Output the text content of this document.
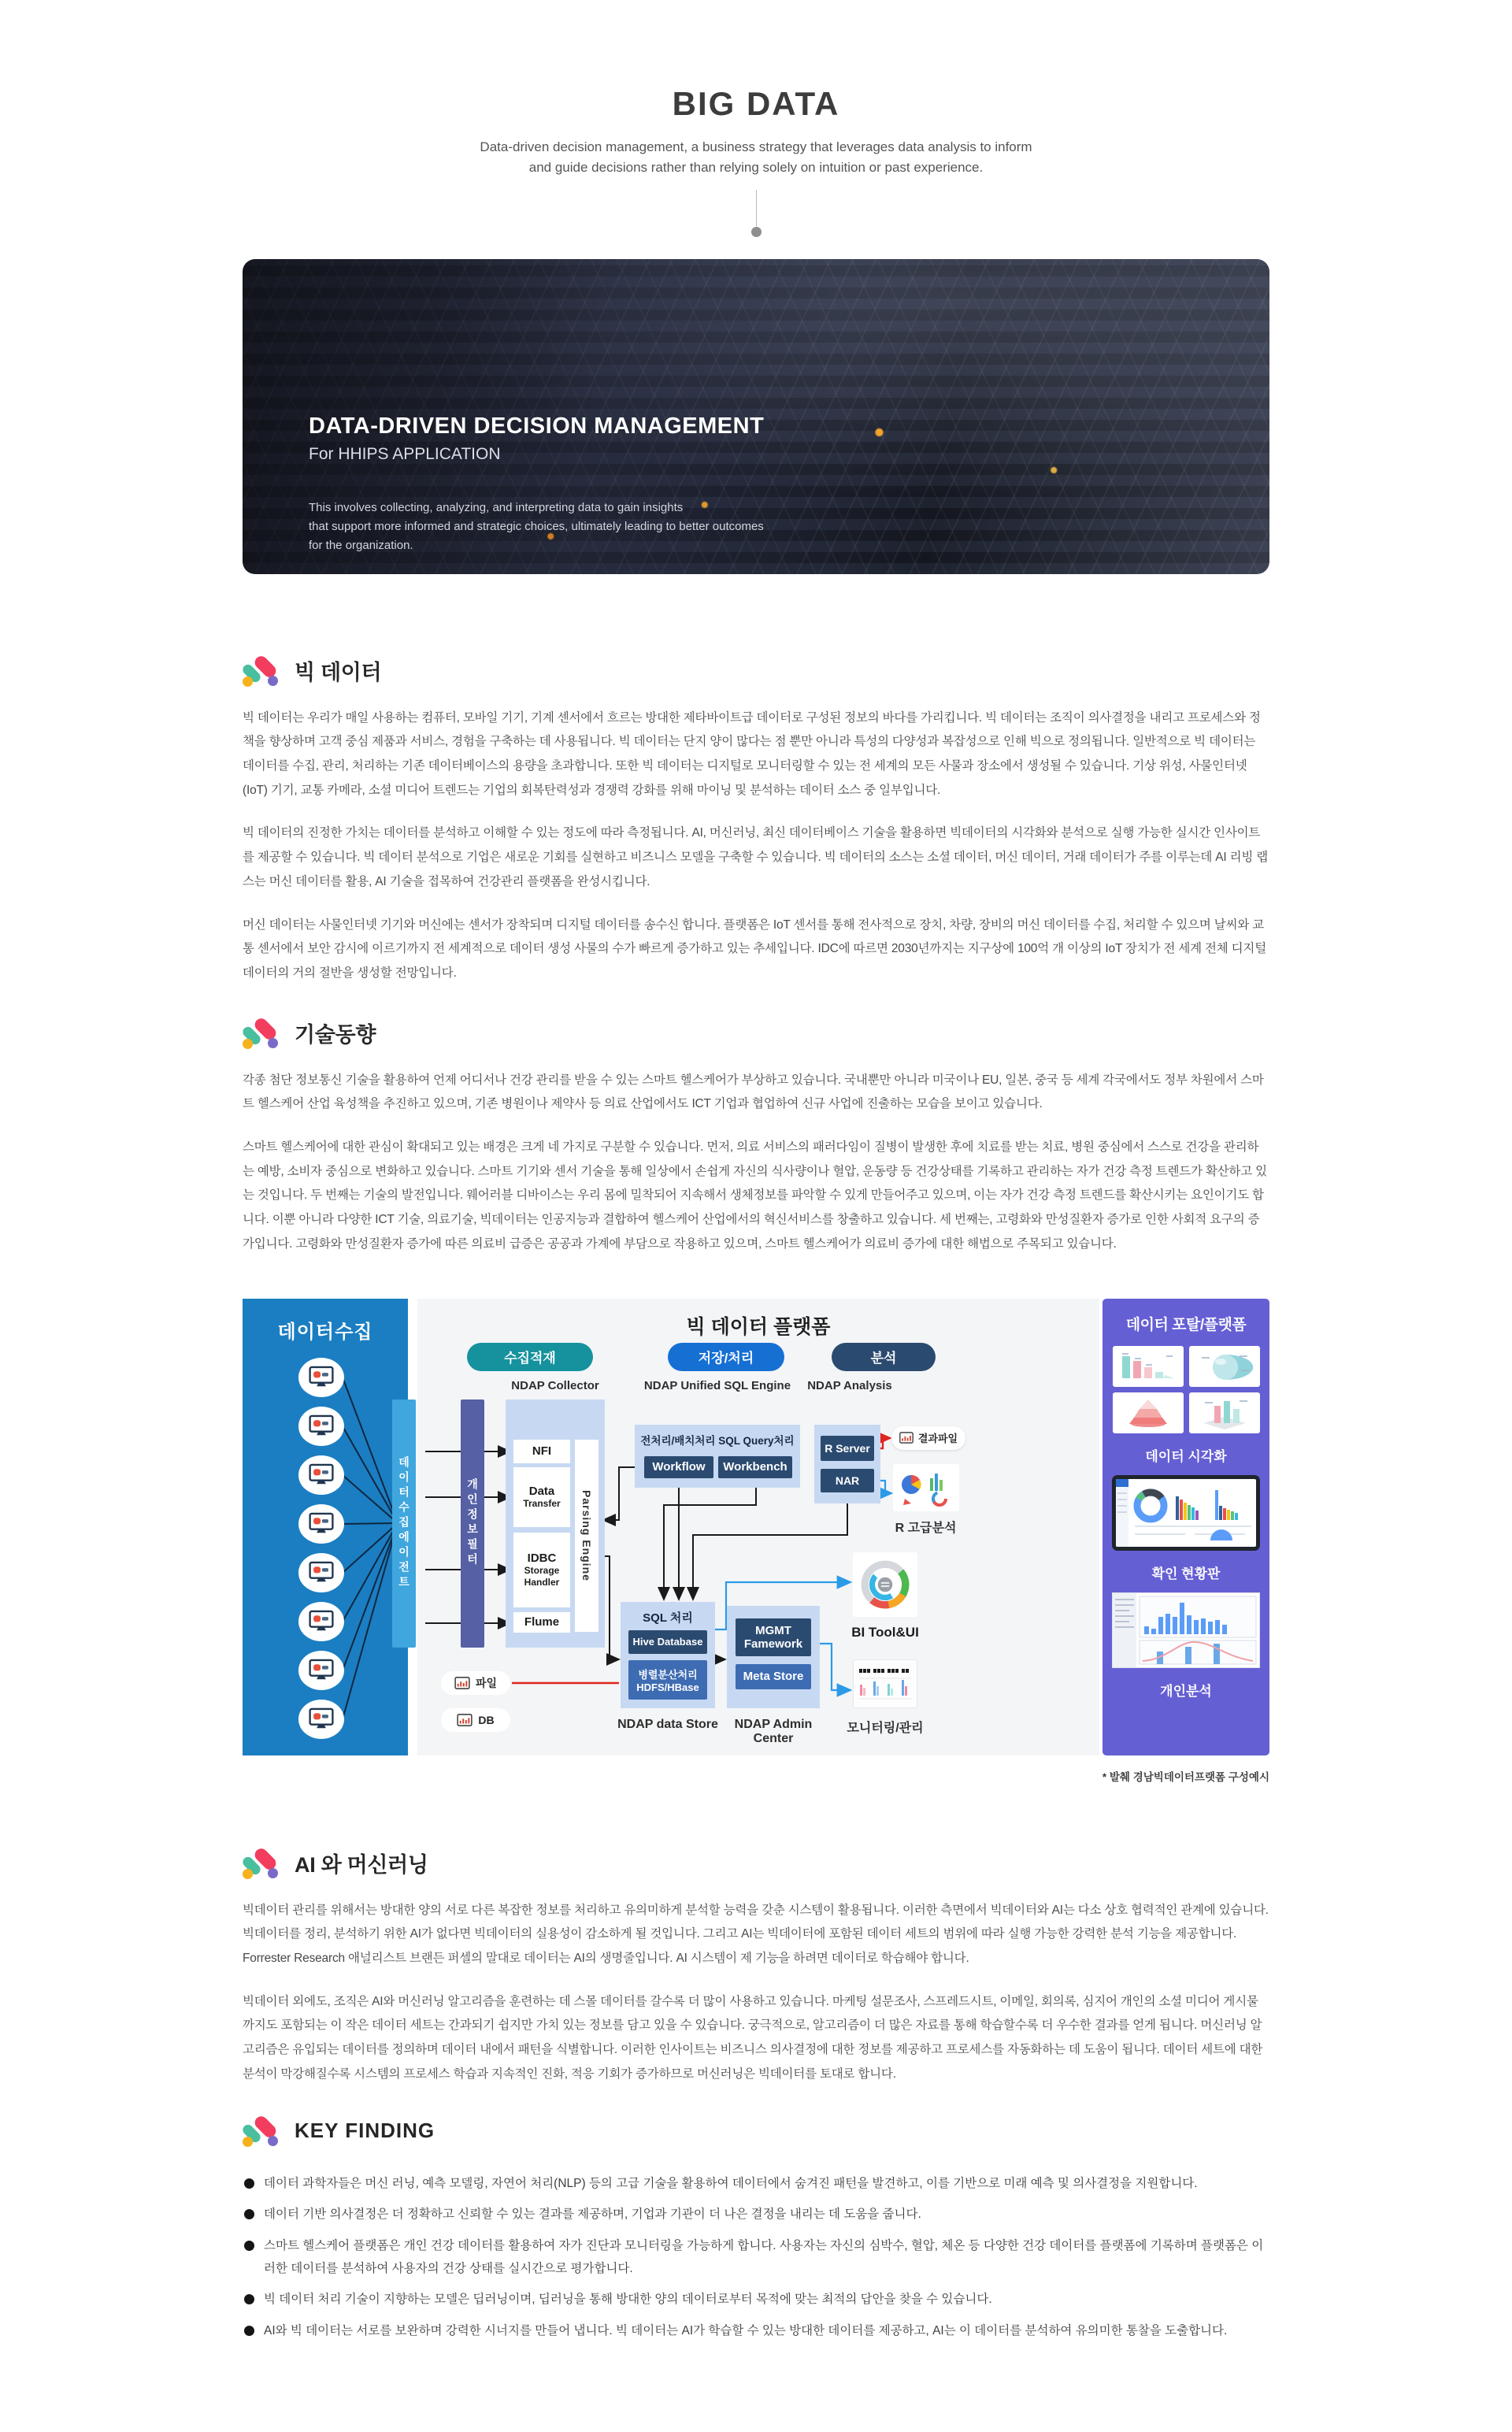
BIG DATA
Data-driven decision management, a business strategy that leverages data analysis to inform
and guide decisions rather than relying solely on intuition or past experience.
DATA-DRIVEN DECISION MANAGEMENT
For HHIPS APPLICATION
This involves collecting, analyzing, and interpreting data to gain insights
that support more informed and strategic choices, ultimately leading to better outcomes
for the organization.
빅 데이터

빅 데이터는 우리가 매일 사용하는 컴퓨터, 모바일 기기, 기계 센서에서 흐르는 방대한 제타바이트급 데이터로 구성된 정보의 바다를 가리킵니다. 빅 데이터는 조직이 의사결정을 내리고 프로세스와 정책을 향상하며 고객 중심 제품과 서비스, 경험을 구축하는 데 사용됩니다. 빅 데이터는 단지 양이 많다는 점 뿐만 아니라 특성의 다양성과 복잡성으로 인해 빅으로 정의됩니다. 일반적으로 빅 데이터는 데이터를 수집, 관리, 처리하는 기존 데이터베이스의 용량을 초과합니다. 또한 빅 데이터는 디지털로 모니터링할 수 있는 전 세계의 모든 사물과 장소에서 생성될 수 있습니다. 기상 위성, 사물인터넷(IoT) 기기, 교통 카메라, 소셜 미디어 트렌드는 기업의 회복탄력성과 경쟁력 강화를 위해 마이닝 및 분석하는 데이터 소스 중 일부입니다.

빅 데이터의 진정한 가치는 데이터를 분석하고 이해할 수 있는 정도에 따라 측정됩니다. AI, 머신러닝, 최신 데이터베이스 기술을 활용하면 빅데이터의 시각화와 분석으로 실행 가능한 실시간 인사이트를 제공할 수 있습니다. 빅 데이터 분석으로 기업은 새로운 기회를 실현하고 비즈니스 모델을 구축할 수 있습니다. 빅 데이터의 소스는 소셜 데이터, 머신 데이터, 거래 데이터가 주를 이루는데 AI 리빙 랩스는 머신 데이터를 활용, AI 기술을 접목하여 건강관리 플랫폼을 완성시킵니다.

머신 데이터는 사물인터넷 기기와 머신에는 센서가 장착되며 디지털 데이터를 송수신 합니다. 플랫폼은 IoT 센서를 통해 전사적으로 장치, 차량, 장비의 머신 데이터를 수집, 처리할 수 있으며 날씨와 교통 센서에서 보안 감시에 이르기까지 전 세계적으로 데이터 생성 사물의 수가 빠르게 증가하고 있는 추세입니다. IDC에 따르면 2030년까지는 지구상에 100억 개 이상의 IoT 장치가 전 세계 전체 디지털 데이터의 거의 절반을 생성할 전망입니다.

기술동향

각종 첨단 정보통신 기술을 활용하여 언제 어디서나 건강 관리를 받을 수 있는 스마트 헬스케어가 부상하고 있습니다. 국내뿐만 아니라 미국이나 EU, 일본, 중국 등 세계 각국에서도 정부 차원에서 스마트 헬스케어 산업 육성책을 추진하고 있으며, 기존 병원이나 제약사 등 의료 산업에서도 ICT 기업과 협업하여 신규 사업에 진출하는 모습을 보이고 있습니다.

스마트 헬스케어에 대한 관심이 확대되고 있는 배경은 크게 네 가지로 구분할 수 있습니다. 먼저, 의료 서비스의 패러다임이 질병이 발생한 후에 치료를 받는 치료, 병원 중심에서 스스로 건강을 관리하는 예방, 소비자 중심으로 변화하고 있습니다. 스마트 기기와 센서 기술을 통해 일상에서 손쉽게 자신의 식사량이나 혈압, 운동량 등 건강상태를 기록하고 관리하는 자가 건강 측정 트렌드가 확산하고 있는 것입니다. 두 번째는 기술의 발전입니다. 웨어러블 디바이스는 우리 몸에 밀착되어 지속해서 생체정보를 파악할 수 있게 만들어주고 있으며, 이는 자가 건강 측정 트렌드를 확산시키는 요인이기도 합니다. 이뿐 아니라 다양한 ICT 기술, 의료기술, 빅데이터는 인공지능과 결합하여 헬스케어 산업에서의 혁신서비스를 창출하고 있습니다. 세 번째는, 고령화와 만성질환자 증가로 인한 사회적 요구의 증가입니다. 고령화와 만성질환자 증가에 따른 의료비 급증은 공공과 가계에 부담으로 작용하고 있으며, 스마트 헬스케어가 의료비 증가에 대한 해법으로 주목되고 있습니다.

데이터수집
데이터수집에이전트
빅 데이터 플랫폼
수집적재	저장/처리	분석
NDAP Collector	NDAP Unified SQL Engine	NDAP Analysis
개인정보필터
NFI
Data
Transfer
IDBC
Storage Handler
Flume
Parsing Engine
전처리/배치처리 SQL Query처리
Workflow Workbench
R Server
NAR
결과파일
R 고급분석
SQL 처리
Hive Database
병렬분산처리
HDFS/HBase
NDAP data Store
MGMT
Famework
Meta Store
NDAP Admin Center
BI Tool&UI
모니터링/관리
파일
DB
데이터 포탈/플랫폼
데이터 시각화
확인 현황판
개인분석
* 발췌 경남빅데이터프랫폼 구성예시
AI 와 머신러닝

빅데이터 관리를 위해서는 방대한 양의 서로 다른 복잡한 정보를 처리하고 유의미하게 분석할 능력을 갖춘 시스템이 활용됩니다. 이러한 측면에서 빅데이터와 AI는 다소 상호 협력적인 관계에 있습니다. 빅데이터를 정리, 분석하기 위한 AI가 없다면 빅데이터의 실용성이 감소하게 될 것입니다. 그리고 AI는 빅데이터에 포함된 데이터 세트의 범위에 따라 실행 가능한 강력한 분석 기능을 제공합니다. Forrester Research 애널리스트 브랜든 퍼셀의 말대로 데이터는 AI의 생명줄입니다. AI 시스템이 제 기능을 하려면 데이터로 학습해야 합니다.

빅데이터 외에도, 조직은 AI와 머신러닝 알고리즘을 훈련하는 데 스몰 데이터를 갈수록 더 많이 사용하고 있습니다. 마케팅 설문조사, 스프레드시트, 이메일, 회의록, 심지어 개인의 소셜 미디어 게시물까지도 포함되는 이 작은 데이터 세트는 간과되기 쉽지만 가치 있는 정보를 담고 있을 수 있습니다. 궁극적으로, 알고리즘이 더 많은 자료를 통해 학습할수록 더 우수한 결과를 얻게 됩니다. 머신러닝 알고리즘은 유입되는 데이터를 정의하며 데이터 내에서 패턴을 식별합니다. 이러한 인사이트는 비즈니스 의사결정에 대한 정보를 제공하고 프로세스를 자동화하는 데 도움이 됩니다. 데이터 세트에 대한 분석이 막강해질수록 시스템의 프로세스 학습과 지속적인 진화, 적응 기회가 증가하므로 머신러닝은 빅데이터를 토대로 합니다.

KEY FINDING
데이터 과학자들은 머신 러닝, 예측 모델링, 자연어 처리(NLP) 등의 고급 기술을 활용하여 데이터에서 숨겨진 패턴을 발견하고, 이를 기반으로 미래 예측 및 의사결정을 지원합니다.
데이터 기반 의사결정은 더 정확하고 신뢰할 수 있는 결과를 제공하며, 기업과 기관이 더 나은 결정을 내리는 데 도움을 줍니다.
스마트 헬스케어 플랫폼은 개인 건강 데이터를 활용하여 자가 진단과 모니터링을 가능하게 합니다. 사용자는 자신의 심박수, 혈압, 체온 등 다양한 건강 데이터를 플랫폼에 기록하며 플랫폼은 이러한 데이터를 분석하여 사용자의 건강 상태를 실시간으로 평가합니다.
빅 데이터 처리 기술이 지향하는 모델은 딥러닝이며, 딥러닝을 통해 방대한 양의 데이터로부터 목적에 맞는 최적의 답안을 찾을 수 있습니다.
AI와 빅 데이터는 서로를 보완하며 강력한 시너지를 만들어 냅니다. 빅 데이터는 AI가 학습할 수 있는 방대한 데이터를 제공하고, AI는 이 데이터를 분석하여 유의미한 통찰을 도출합니다.
